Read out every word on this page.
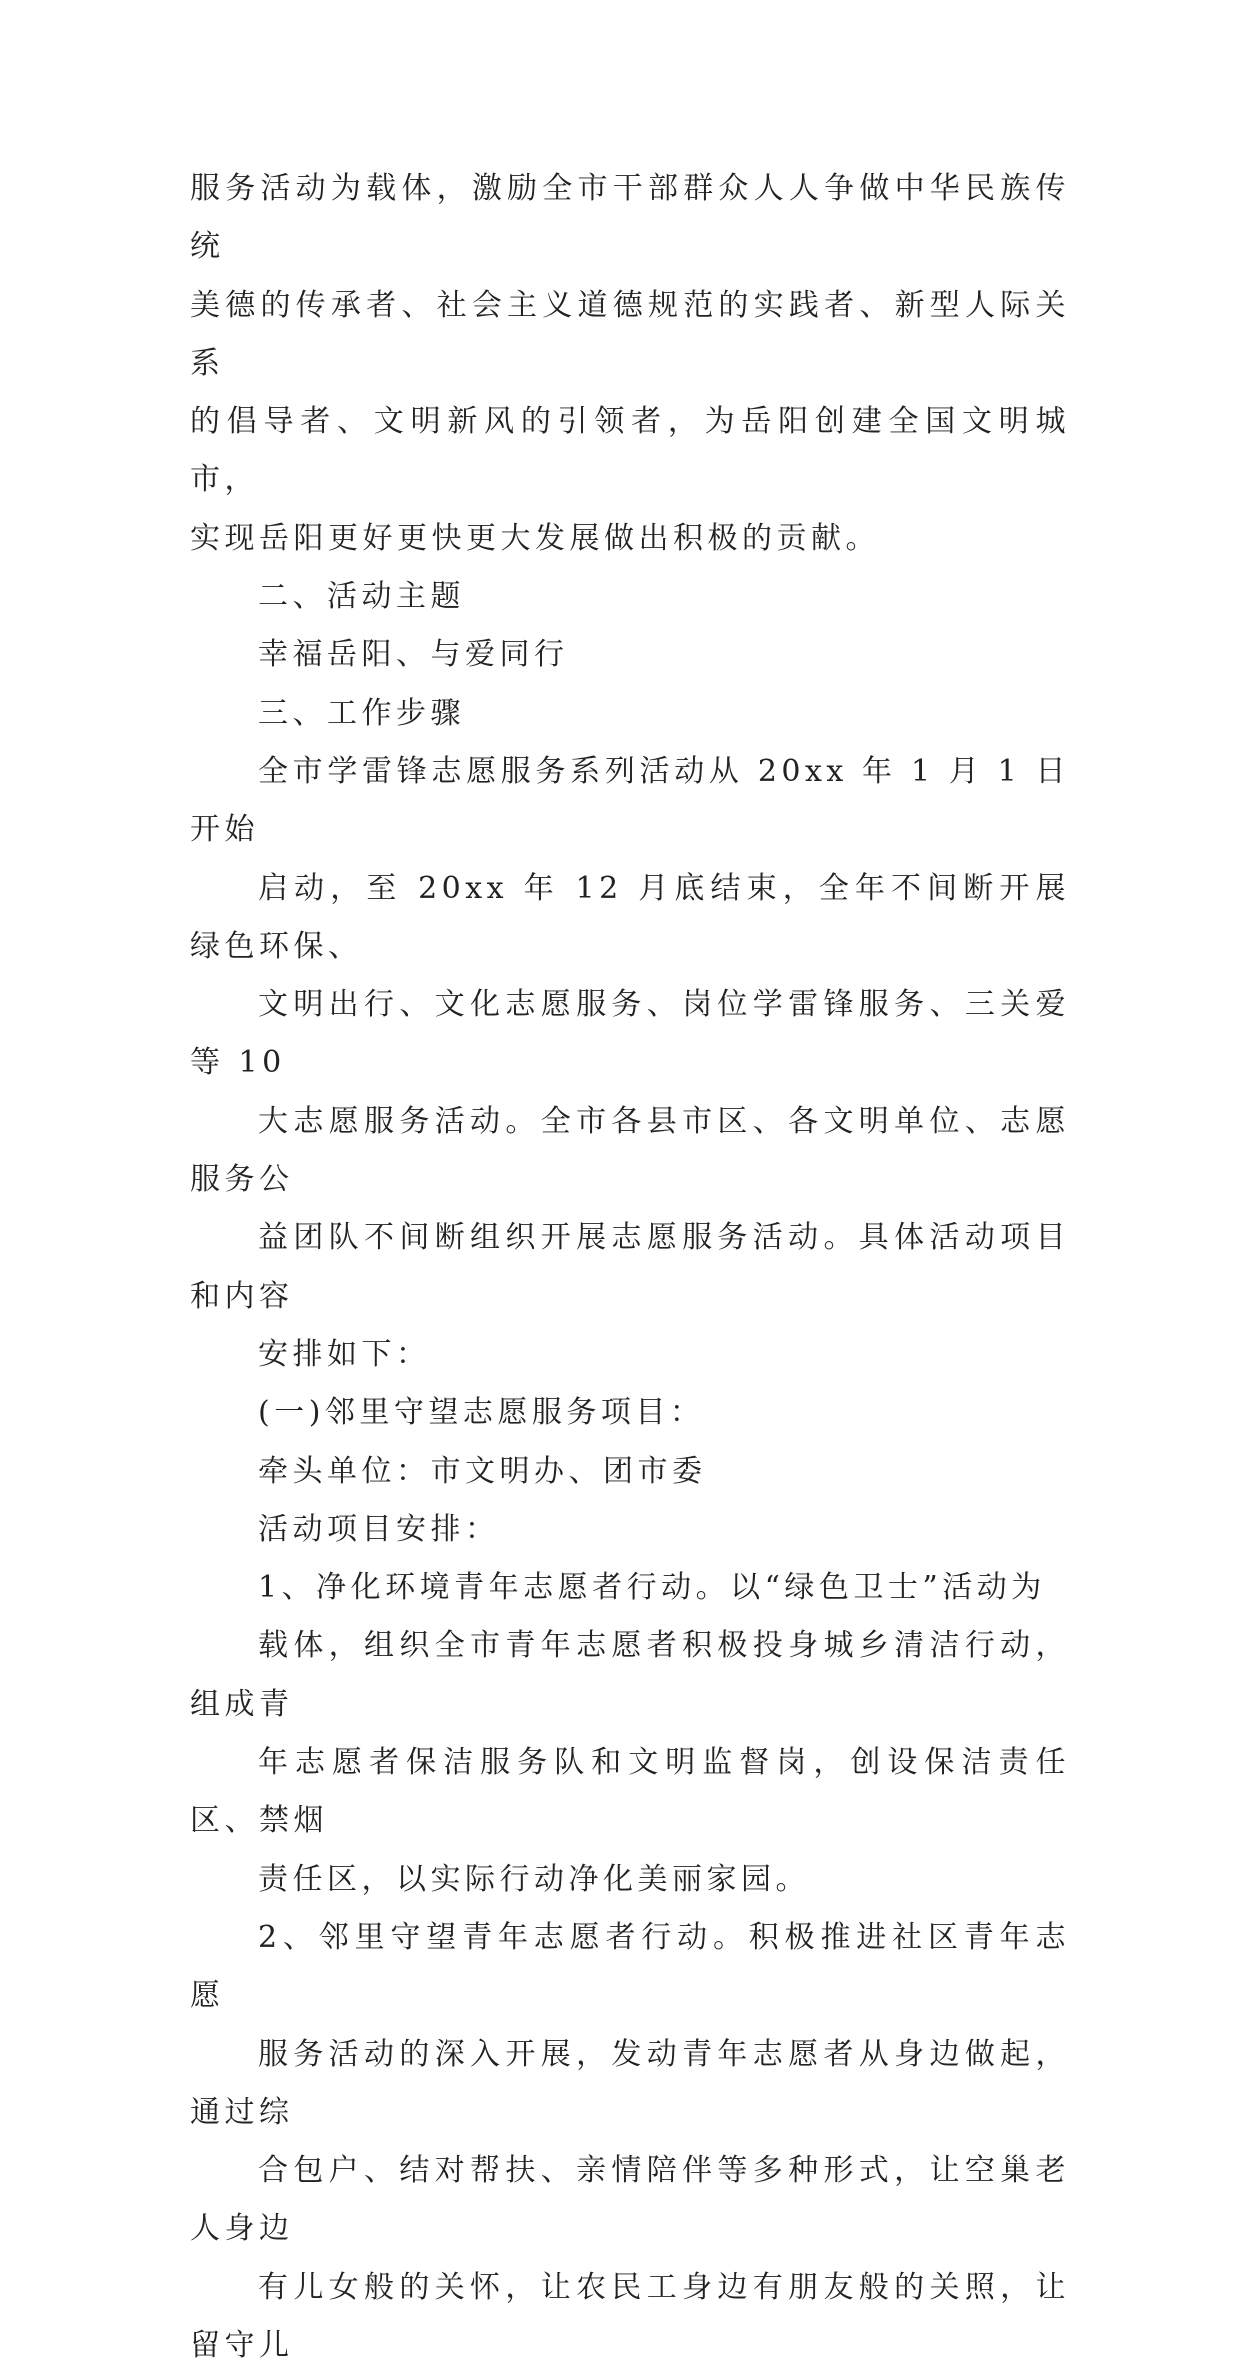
服务活动为载体，激励全市干部群众人人争做中华民族传统
美德的传承者、社会主义道德规范的实践者、新型人际关系
的倡导者、文明新风的引领者，为岳阳创建全国文明城市，
实现岳阳更好更快更大发展做出积极的贡献。

二、活动主题

幸福岳阳、与爱同行

三、工作步骤

全市学雷锋志愿服务系列活动从 20xx 年 1 月 1 日开始
启动，至 20xx 年 12 月底结束，全年不间断开展绿色环保、
文明出行、文化志愿服务、岗位学雷锋服务、三关爱等 10
大志愿服务活动。全市各县市区、各文明单位、志愿服务公
益团队不间断组织开展志愿服务活动。具体活动项目和内容
安排如下：

(一)邻里守望志愿服务项目：

牵头单位：市文明办、团市委

活动项目安排：

1、净化环境青年志愿者行动。以“绿色卫士”活动为
载体，组织全市青年志愿者积极投身城乡清洁行动，组成青
年志愿者保洁服务队和文明监督岗，创设保洁责任区、禁烟
责任区，以实际行动净化美丽家园。

2、邻里守望青年志愿者行动。积极推进社区青年志愿
服务活动的深入开展，发动青年志愿者从身边做起，通过综
合包户、结对帮扶、亲情陪伴等多种形式，让空巢老人身边
有儿女般的关怀，让农民工身边有朋友般的关照，让留守儿
